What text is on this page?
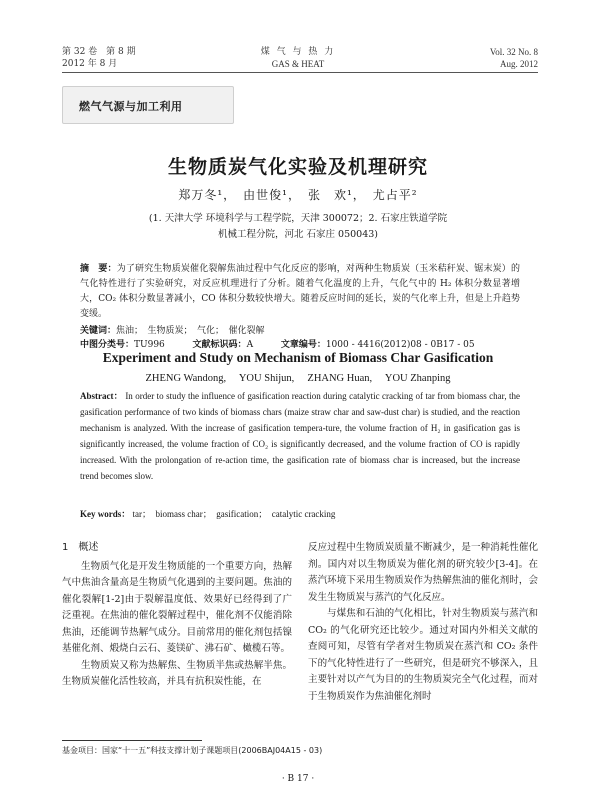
第 32 卷　第 8 期
2012 年 8 月
煤 气 与 热 力
GAS & HEAT
Vol. 32 No. 8
Aug. 2012
燃气气源与加工利用
生物质炭气化实验及机理研究
郑万冬¹，　由世俊¹，　张　欢¹，　尤占平²
(1. 天津大学 环境科学与工程学院，天津 300072；2. 石家庄铁道学院
机械工程分院，河北 石家庄 050043)
摘　要：为了研究生物质炭催化裂解焦油过程中气化反应的影响，对两种生物质炭（玉米秸秆炭、锯末炭）的气化特性进行了实验研究，对反应机理进行了分析。随着气化温度的上升，气化气中的 H₂ 体积分数显著增大，CO₂ 体积分数显著减小，CO 体积分数较快增大。随着反应时间的延长，炭的气化率上升，但是上升趋势变缓。
关键词：焦油；　生物质炭；　气化；　催化裂解
中图分类号：TU996	文献标识码：A	文章编号：1000 - 4416(2012)08 - 0B17 - 05
Experiment and Study on Mechanism of Biomass Char Gasification
ZHENG Wandong,　 YOU Shijun,　 ZHANG Huan,　 YOU Zhanping
Abstract： In order to study the influence of gasification reaction during catalytic cracking of tar from biomass char, the gasification performance of two kinds of biomass chars (maize straw char and saw-dust char) is studied, and the reaction mechanism is analyzed. With the increase of gasification tempera-ture, the volume fraction of H₂ in gasification gas is significantly increased, the volume fraction of CO₂ is significantly decreased, and the volume fraction of CO is rapidly increased. With the prolongation of re-action time, the gasification rate of biomass char is increased, but the increase trend becomes slow.
Key words： tar；　biomass char；　gasification；　catalytic cracking
1　概述

生物质气化是开发生物质能的一个重要方向，热解气中焦油含量高是生物质气化遇到的主要问题。焦油的催化裂解[1-2]由于裂解温度低、效果好已经得到了广泛重视。在焦油的催化裂解过程中，催化剂不仅能消除焦油，还能调节热解气成分。目前常用的催化剂包括镍基催化剂、煅烧白云石、菱镁矿、沸石矿、橄榄石等。

生物质炭又称为热解焦、生物质半焦或热解半焦。生物质炭催化活性较高，并具有抗积炭性能，在

反应过程中生物质炭质量不断减少，是一种消耗性催化剂。国内对以生物质炭为催化剂的研究较少[3-4]。在蒸汽环境下采用生物质炭作为热解焦油的催化剂时，会发生生物质炭与蒸汽的气化反应。

与煤焦和石油的气化相比，针对生物质炭与蒸汽和 CO₂ 的气化研究还比较少。通过对国内外相关文献的查阅可知，尽管有学者对生物质炭在蒸汽和 CO₂ 条件下的气化特性进行了一些研究，但是研究不够深入，且主要针对以产气为目的的生物质炭完全气化过程，而对于生物质炭作为焦油催化剂时

基金项目：国家“十一五”科技支撑计划子课题项目(2006BAJ04A15 - 03)
· B 17 ·
